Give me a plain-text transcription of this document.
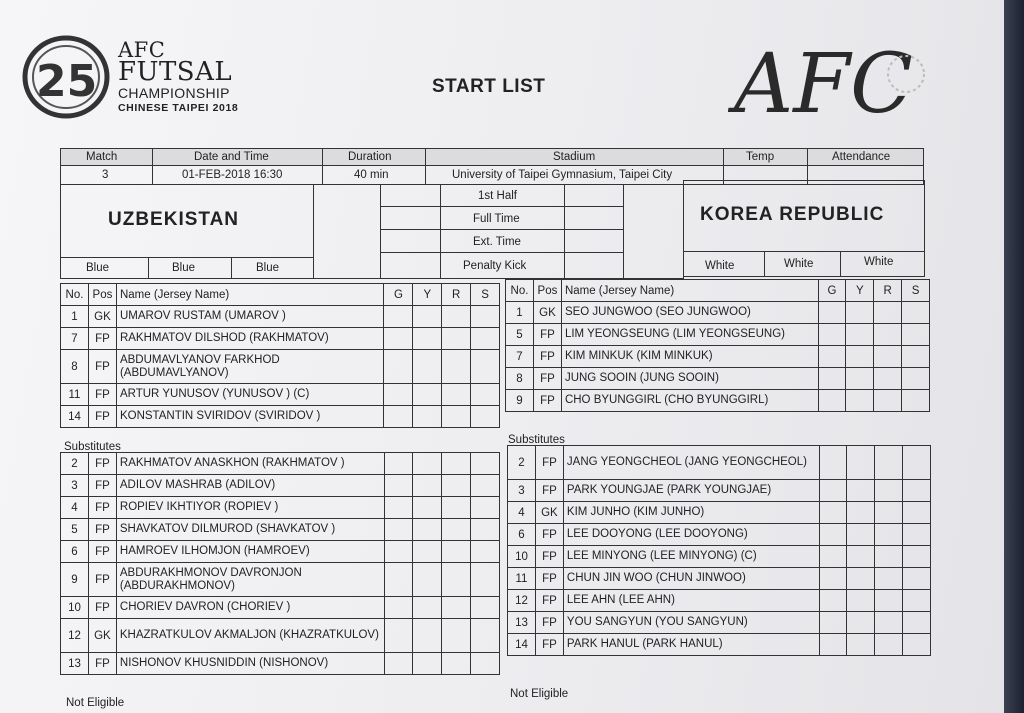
25
AFC
FUTSAL
CHAMPIONSHIP
CHINESE TAIPEI 2018
START LIST AFC
Match	Date and Time	Duration	Stadium	Temp	Attendance
3	01-FEB-2018 16:30	40 min	University of Taipei Gymnasium, Taipei City
UZBEKISTAN
Blue	Blue	Blue
1st Half
Full Time
Ext. Time
Penalty Kick
KOREA REPUBLIC
White	White	White
No.	Pos	Name (Jersey Name)	G	Y	R	S
1	GK	UMAROV RUSTAM (UMAROV )				
7	FP	RAKHMATOV DILSHOD (RAKHMATOV)				
8	FP	ABDUMAVLYANOV FARKHOD (ABDUMAVLYANOV)				
11	FP	ARTUR YUNUSOV (YUNUSOV ) (C)				
14	FP	KONSTANTIN SVIRIDOV (SVIRIDOV )				
Substitutes
2	FP	RAKHMATOV ANASKHON (RAKHMATOV )				
3	FP	ADILOV MASHRAB (ADILOV)				
4	FP	ROPIEV IKHTIYOR (ROPIEV )				
5	FP	SHAVKATOV DILMUROD (SHAVKATOV )				
6	FP	HAMROEV ILHOMJON (HAMROEV)				
9	FP	ABDURAKHMONOV DAVRONJON (ABDURAKHMONOV)				
10	FP	CHORIEV DAVRON (CHORIEV )				
12	GK	KHAZRATKULOV AKMALJON (KHAZRATKULOV)				
13	FP	NISHONOV KHUSNIDDIN (NISHONOV)				
Not Eligible
No.	Pos	Name (Jersey Name)	G	Y	R	S
1	GK	SEO JUNGWOO (SEO JUNGWOO)				
5	FP	LIM YEONGSEUNG (LIM YEONGSEUNG)				
7	FP	KIM MINKUK (KIM MINKUK)				
8	FP	JUNG SOOIN (JUNG SOOIN)				
9	FP	CHO BYUNGGIRL (CHO BYUNGGIRL)				
Substitutes
2	FP	JANG YEONGCHEOL (JANG YEONGCHEOL)				
3	FP	PARK YOUNGJAE (PARK YOUNGJAE)				
4	GK	KIM JUNHO (KIM JUNHO)				
6	FP	LEE DOOYONG (LEE DOOYONG)				
10	FP	LEE MINYONG (LEE MINYONG) (C)				
11	FP	CHUN JIN WOO (CHUN JINWOO)				
12	FP	LEE AHN (LEE AHN)				
13	FP	YOU SANGYUN (YOU SANGYUN)				
14	FP	PARK HANUL (PARK HANUL)				
Not Eligible
